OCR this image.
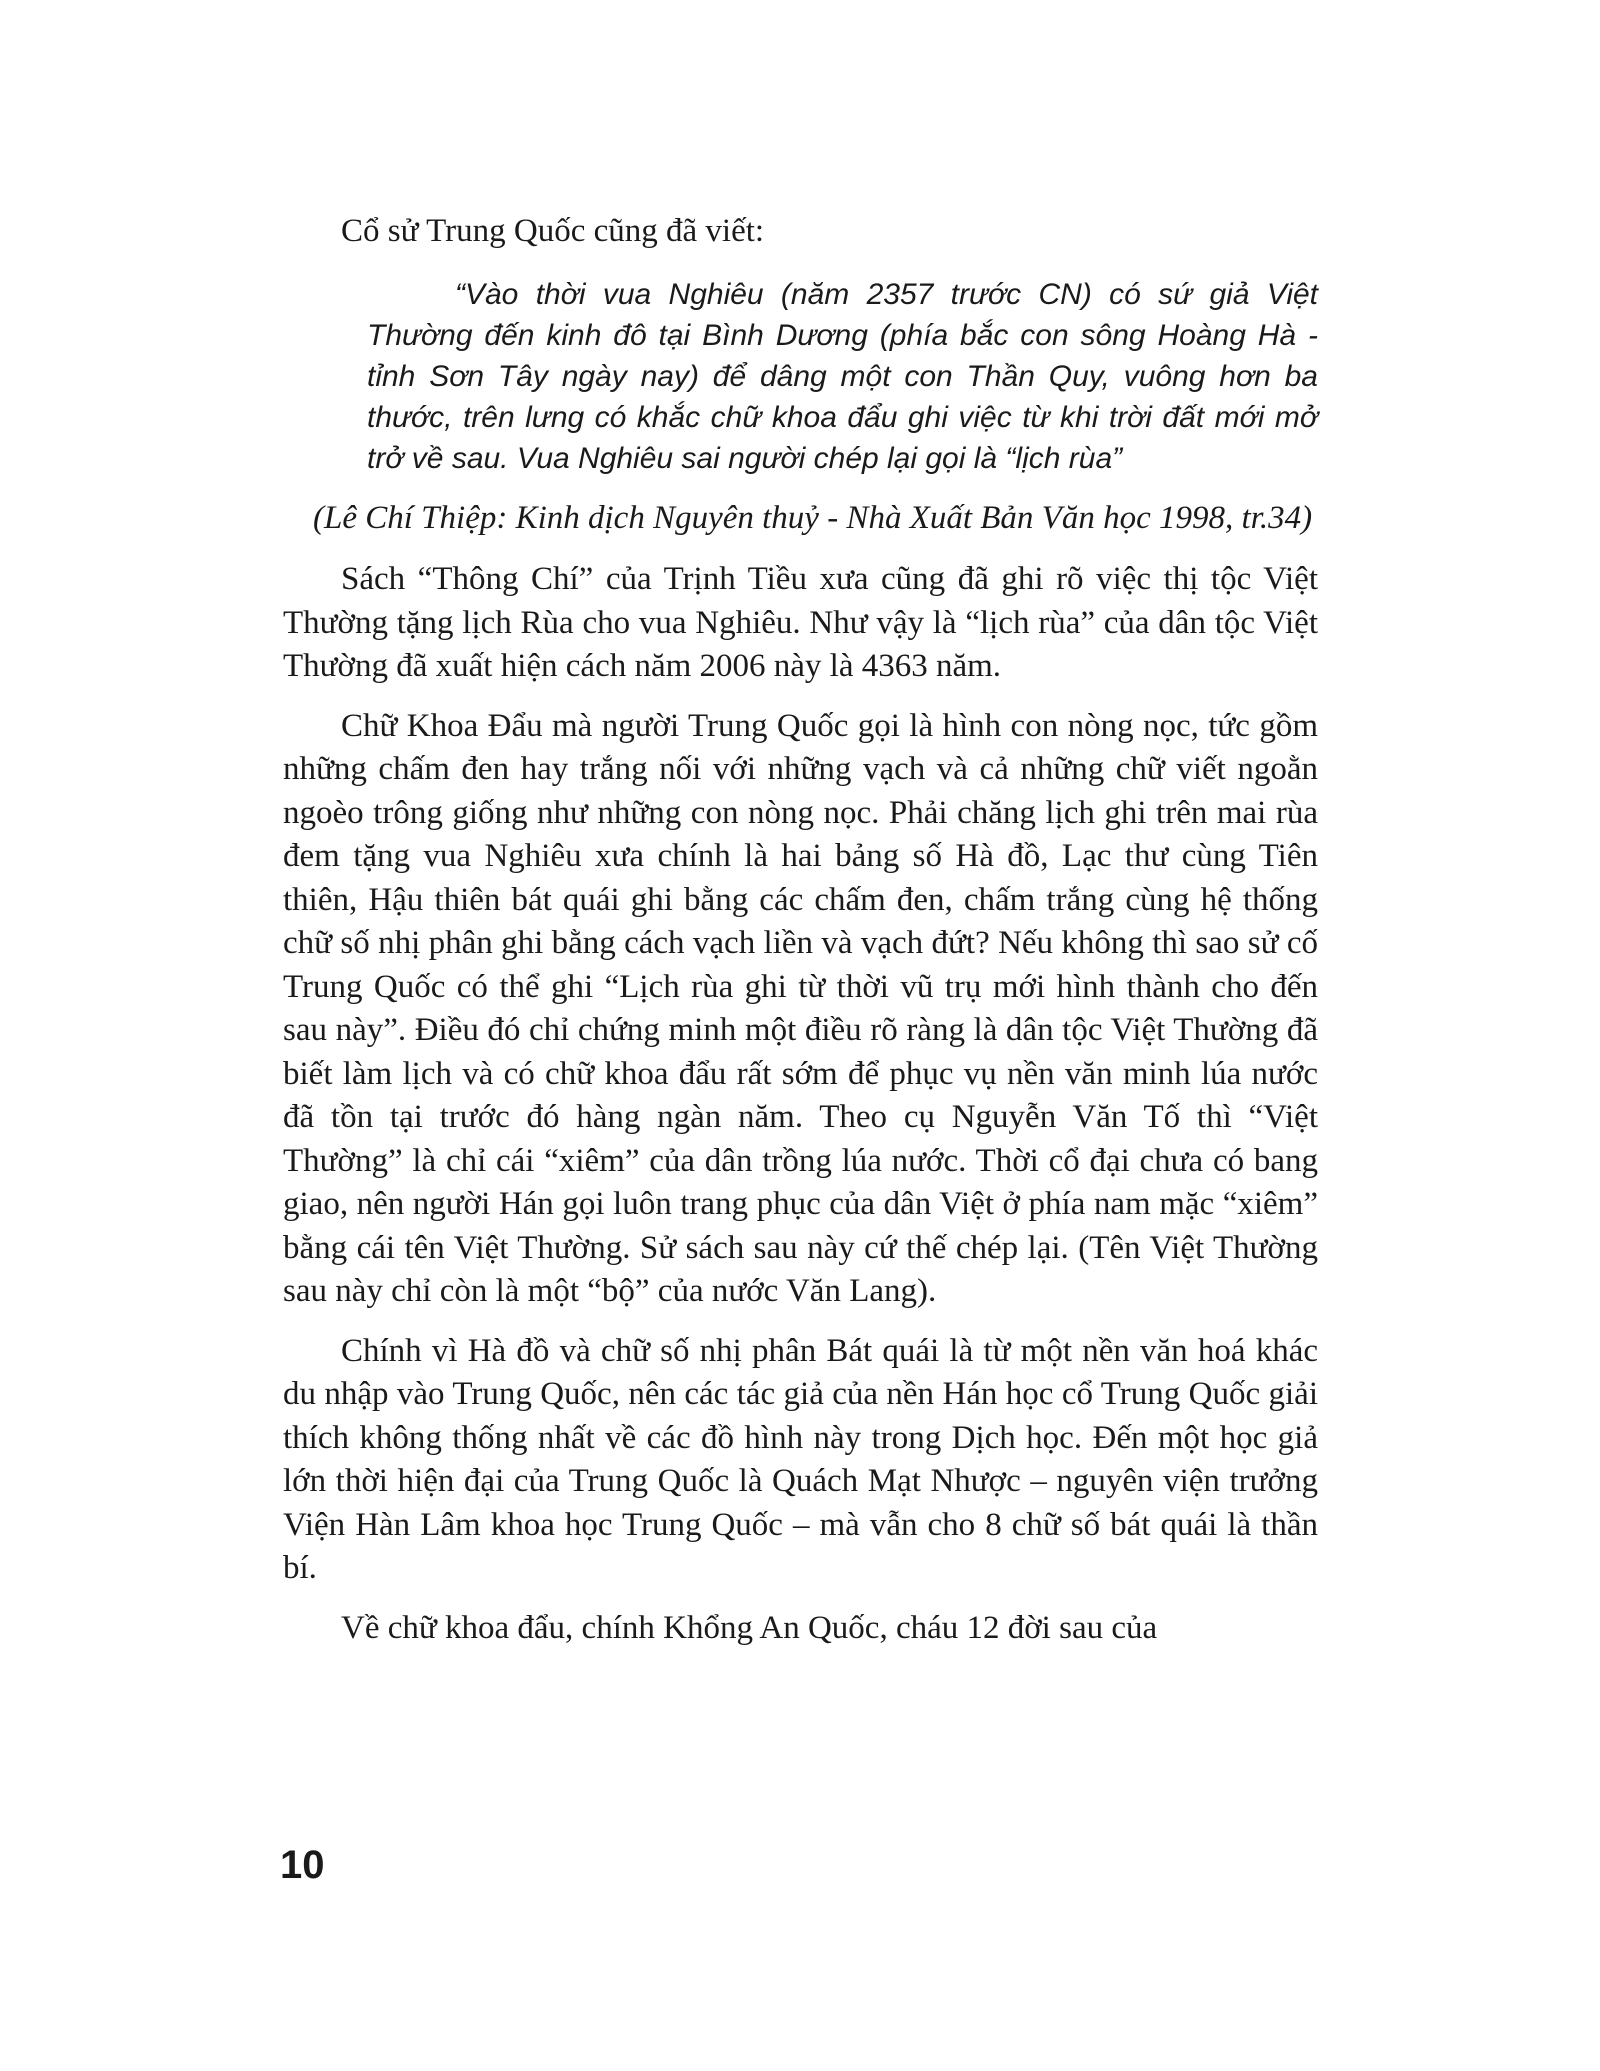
Cổ sử Trung Quốc cũng đã viết:

“Vào thời vua Nghiêu (năm 2357 trước CN) có sứ giả Việt Thường đến kinh đô tại Bình Dương (phía bắc con sông Hoàng Hà - tỉnh Sơn Tây ngày nay) để dâng một con Thần Quy, vuông hơn ba thước, trên lưng có khắc chữ khoa đẩu ghi việc từ khi trời đất mới mở trở về sau. Vua Nghiêu sai người chép lại gọi là “lịch rùa”

(Lê Chí Thiệp: Kinh dịch Nguyên thuỷ - Nhà Xuất Bản Văn học 1998, tr.34)

Sách “Thông Chí” của Trịnh Tiều xưa cũng đã ghi rõ việc thị tộc Việt Thường tặng lịch Rùa cho vua Nghiêu. Như vậy là “lịch rùa” của dân tộc Việt Thường đã xuất hiện cách năm 2006 này là 4363 năm.

Chữ Khoa Đẩu mà người Trung Quốc gọi là hình con nòng nọc, tức gồm những chấm đen hay trắng nối với những vạch và cả những chữ viết ngoằn ngoèo trông giống như những con nòng nọc. Phải chăng lịch ghi trên mai rùa đem tặng vua Nghiêu xưa chính là hai bảng số Hà đồ, Lạc thư cùng Tiên thiên, Hậu thiên bát quái ghi bằng các chấm đen, chấm trắng cùng hệ thống chữ số nhị phân ghi bằng cách vạch liền và vạch đứt? Nếu không thì sao sử cố Trung Quốc có thể ghi “Lịch rùa ghi từ thời vũ trụ mới hình thành cho đến sau này”. Điều đó chỉ chứng minh một điều rõ ràng là dân tộc Việt Thường đã biết làm lịch và có chữ khoa đẩu rất sớm để phục vụ nền văn minh lúa nước đã tồn tại trước đó hàng ngàn năm. Theo cụ Nguyễn Văn Tố thì “Việt Thường” là chỉ cái “xiêm” của dân trồng lúa nước. Thời cổ đại chưa có bang giao, nên người Hán gọi luôn trang phục của dân Việt ở phía nam mặc “xiêm” bằng cái tên Việt Thường. Sử sách sau này cứ thế chép lại. (Tên Việt Thường sau này chỉ còn là một “bộ” của nước Văn Lang).

Chính vì Hà đồ và chữ số nhị phân Bát quái là từ một nền văn hoá khác du nhập vào Trung Quốc, nên các tác giả của nền Hán học cổ Trung Quốc giải thích không thống nhất về các đồ hình này trong Dịch học. Đến một học giả lớn thời hiện đại của Trung Quốc là Quách Mạt Nhược – nguyên viện trưởng Viện Hàn Lâm khoa học Trung Quốc – mà vẫn cho 8 chữ số bát quái là thần bí.

Về chữ khoa đẩu, chính Khổng An Quốc, cháu 12 đời sau của

10
